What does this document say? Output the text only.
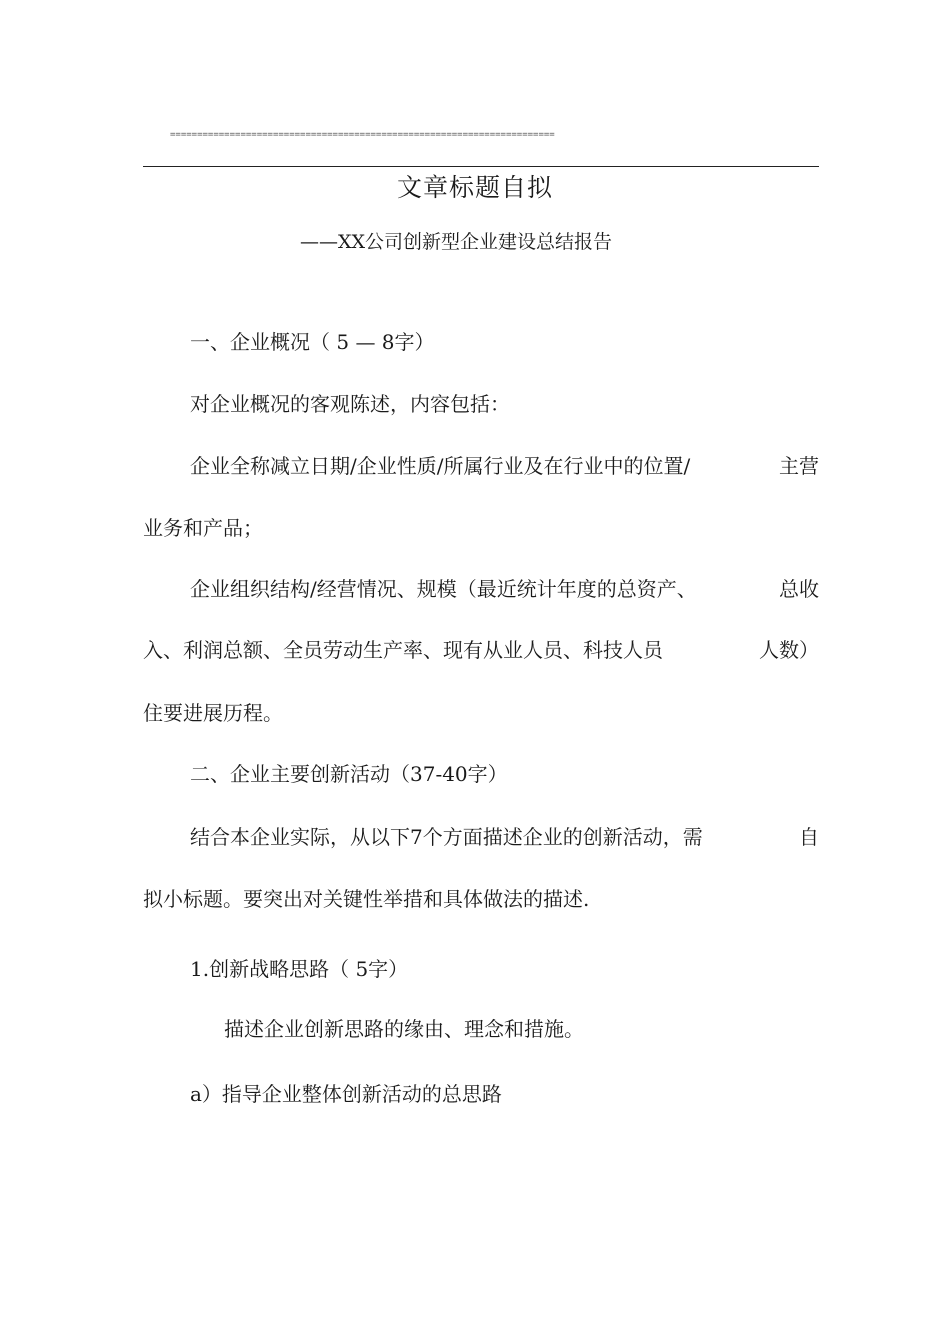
=======================================================================
文章标题自拟
——XX公司创新型企业建设总结报告
一、企业概况（ 5 — 8字）
对企业概况的客观陈述，内容包括：
企业全称减立日期/企业性质/所属行业及在行业中的位置/	主营
业务和产品；
企业组织结构/经营情况、规模（最近统计年度的总资产、	总收
入、利润总额、全员劳动生产率、现有从业人员、科技人员	人数）
住要进展历程。
二、企业主要创新活动（37-40字）
结合本企业实际，从以下7个方面描述企业的创新活动，需	自
拟小标题。要突出对关键性举措和具体做法的描述.
1.创新战略思路（ 5字）
描述企业创新思路的缘由、理念和措施。
a）指导企业整体创新活动的总思路
